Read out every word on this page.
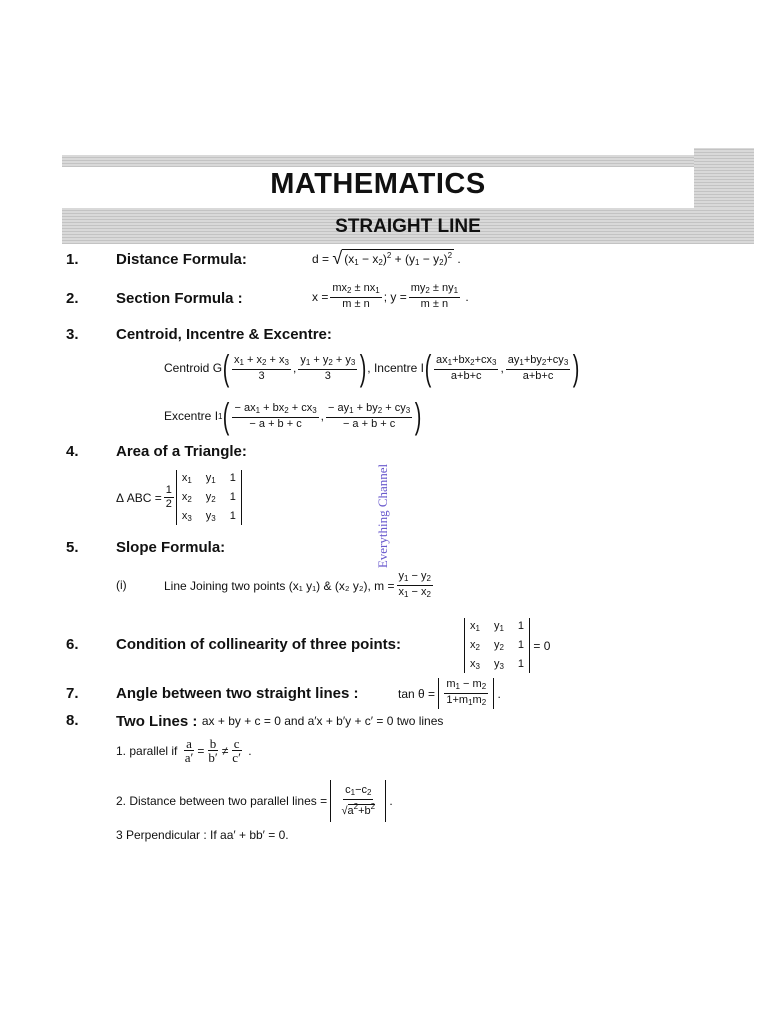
MATHEMATICS
STRAIGHT LINE
Everything Channel
1. Distance Formula:	d =
√ $(x_1 - x_2)^2 + (y_1 - y_2)^2$ .
2. Section Formula :	$x = \frac{mx_2 \pm nx_1}{m \pm n}$ ; $y = \frac{my_2 \pm ny_1}{m \pm n}$ .
3. Centroid, Incentre & Excentre:
Centroid G ( $\frac{x_1 + x_2 + x_3}{3}$ , $\frac{y_1 + y_2 + y_3}{3}$ ) , Incentre I ( $\frac{ax_1+bx_2+cx_3}{a+b+c}$ , $\frac{ay_1+by_2+cy_3}{a+b+c}$ )
Excentre I 1 ( $\frac{- ax_1 + bx_2 + cx_3}{- a + b + c}$ , $\frac{- ay_1 + by_2 + cy_3}{- a + b + c}$ )
4. Area of a Triangle:
Δ ABC = $\frac{1}{2}$
$x_1$ $y_1$ 1
$x_2$ $y_2$ 1
$x_3$ $y_3$ 1
5. Slope Formula:
(i)	Line Joining two points (x₁ y₁) & (x₂ y₂), $m = \frac{y_1 - y_2}{x_1 - x_2}$
6. Condition of collinearity of three points:
$x_1$ $y_1$ 1
$x_2$ $y_2$ 1
$x_3$ $y_3$ 1

= 0
7. Angle between two straight lines :	tan θ =
$\frac{m_1 - m_2}{1+m_1m_2}$ .
8. Two Lines :
ax + by + c = 0 and a′x + b′y + c′ = 0 two lines
1. parallel if
$\frac{a}{a'} = \frac{b}{b'} \ne \frac{c}{c'}$ .
2. Distance between two parallel lines =
$\frac{c_1-c_2}{√a^2+b^2}$ .
3 Perpendicular : If aa′ + bb′ = 0.
